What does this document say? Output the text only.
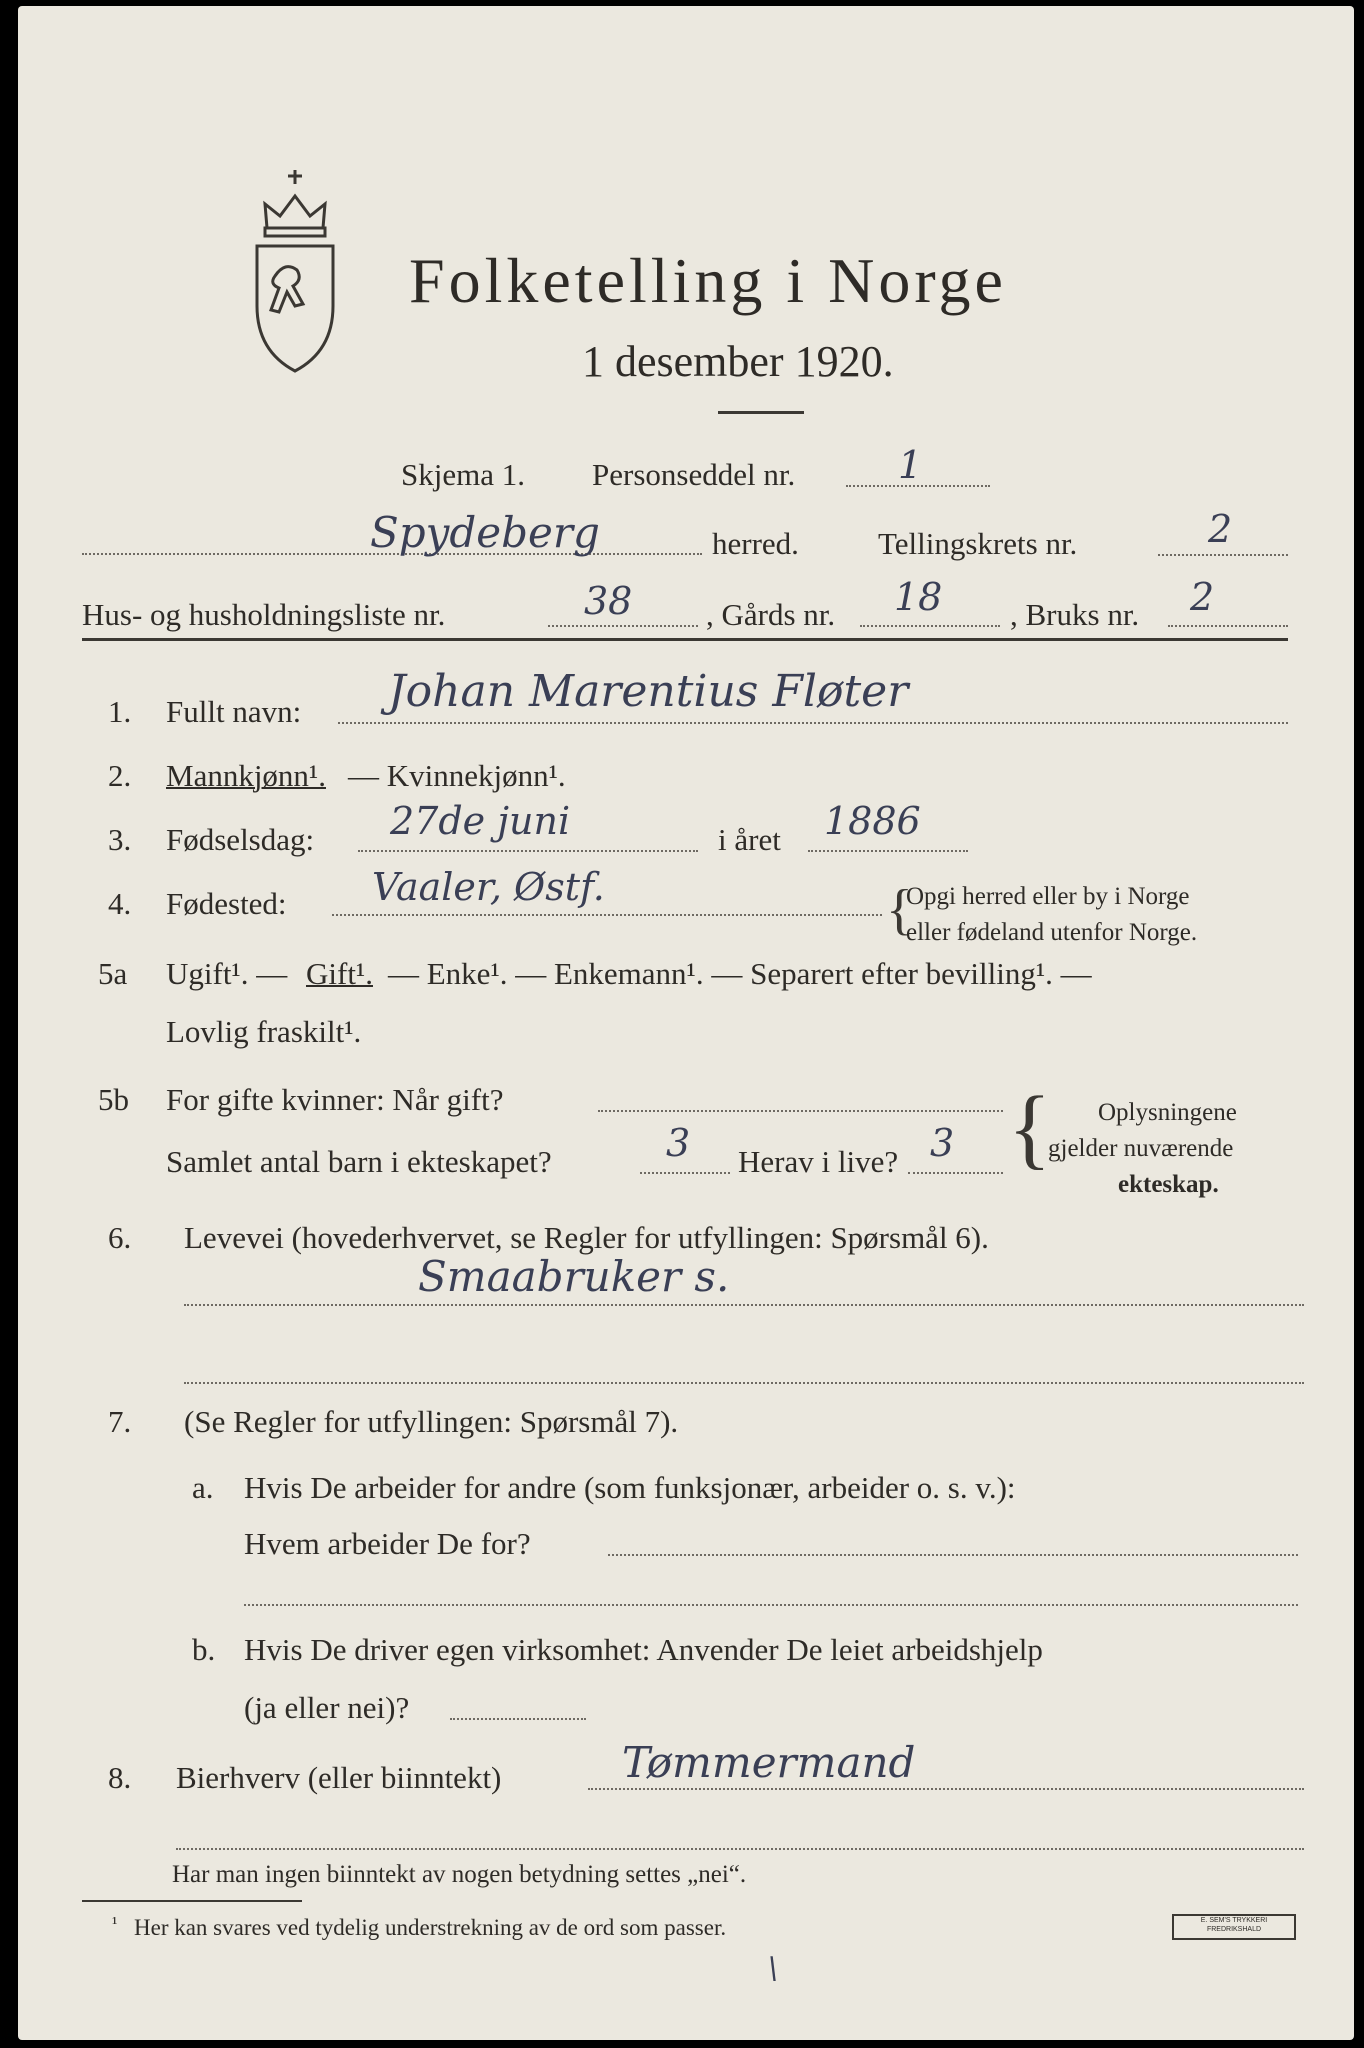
Folketelling i Norge
1 desember 1920.
Skjema 1. Personseddel nr.	1
Spydeberg	herred.	Tellingskrets nr.	2
Hus- og husholdningsliste nr.	38 , Gårds nr. 18 , Bruks nr. 2
1. Fullt navn: Johan Marentius Fløter
2. Mannkjønn¹. — Kvinnekjønn¹.
3. Fødselsdag: 27de juni	i året 1886
4. Fødested: Vaaler, Østf.	{
Opgi herred eller by i Norge
eller fødeland utenfor Norge.
5a Ugift¹. — Gift¹. — Enke¹. — Enkemann¹. — Separert efter bevilling¹. —
Lovlig fraskilt¹.
5b For gifte kvinner: Når gift?
Samlet antal barn i ekteskapet?	3 Herav i live? 3 { Oplysningene
gjelder nuværende
ekteskap.
6. Levevei (hovederhvervet, se Regler for utfyllingen: Spørsmål 6).
Smaabruker s.
7. (Se Regler for utfyllingen: Spørsmål 7).
a. Hvis De arbeider for andre (som funksjonær, arbeider o. s. v.):
Hvem arbeider De for?
b. Hvis De driver egen virksomhet: Anvender De leiet arbeidshjelp
(ja eller nei)?
8. Bierhverv (eller biinntekt)	Tømmermand
Har man ingen biinntekt av nogen betydning settes „nei“.
¹ Her kan svares ved tydelig understrekning av de ord som passer.	E. SEM'S TRYKKERI FREDRIKSHALD
\
